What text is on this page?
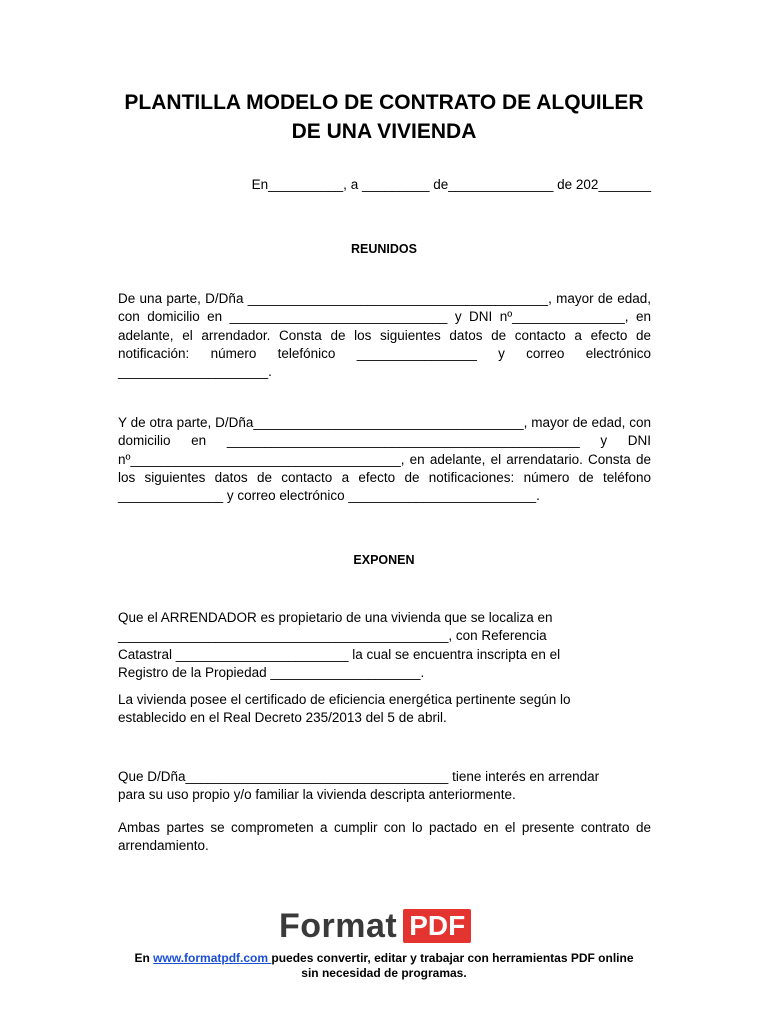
PLANTILLA MODELO DE CONTRATO DE ALQUILER
DE UNA VIVIENDA
En__________, a _________ de______________ de 202_______
REUNIDOS
De una parte, D/Dña ________________________________________, mayor de edad,
con domicilio en _____________________________ y DNI nº_______________, en
adelante, el arrendador. Consta de los siguientes datos de contacto a efecto de
notificación: número telefónico ________________ y correo electrónico
____________________.
Y de otra parte, D/Dña____________________________________, mayor de edad, con
domicilio en _______________________________________________ y DNI
nº____________________________________, en adelante, el arrendatario. Consta de
los siguientes datos de contacto a efecto de notificaciones: número de teléfono
______________ y correo electrónico _________________________.
EXPONEN
Que el ARRENDADOR es propietario de una vivienda que se localiza en
____________________________________________, con Referencia
Catastral _______________________ la cual se encuentra inscripta en el
Registro de la Propiedad ____________________.
La vivienda posee el certificado de eficiencia energética pertinente según lo
establecido en el Real Decreto 235/2013 del 5 de abril.
Que D/Dña___________________________________ tiene interés en arrendar
para su uso propio y/o familiar la vivienda descripta anteriormente.
Ambas partes se comprometen a cumplir con lo pactado en el presente contrato de
arrendamiento.
Format PDF
En www.formatpdf.com puedes convertir, editar y trabajar con herramientas PDF online
sin necesidad de programas.
